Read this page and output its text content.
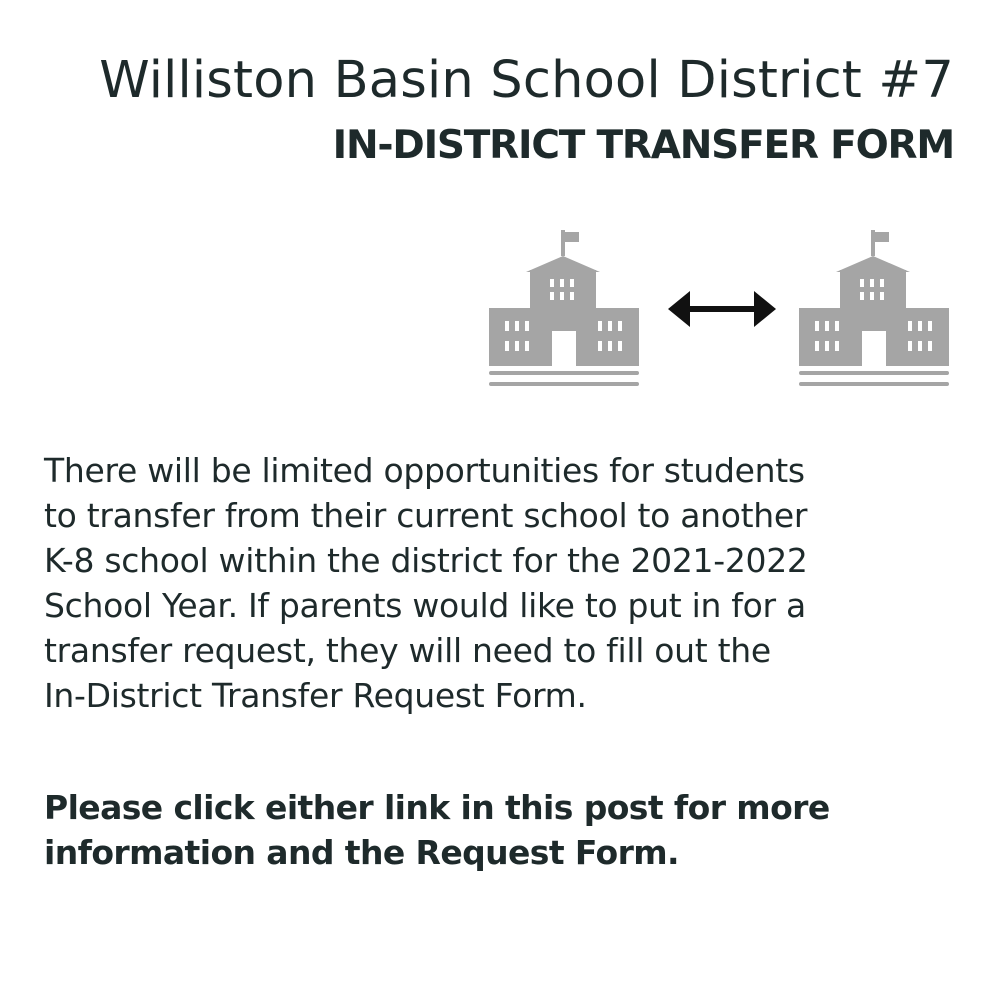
Williston Basin School District #7
IN-DISTRICT TRANSFER FORM

There will be limited opportunities for students
to transfer from their current school to another
K-8 school within the district for the 2021-2022
School Year. If parents would like to put in for a
transfer request, they will need to fill out the
In-District Transfer Request Form.

Please click either link in this post for more
information and the Request Form.
